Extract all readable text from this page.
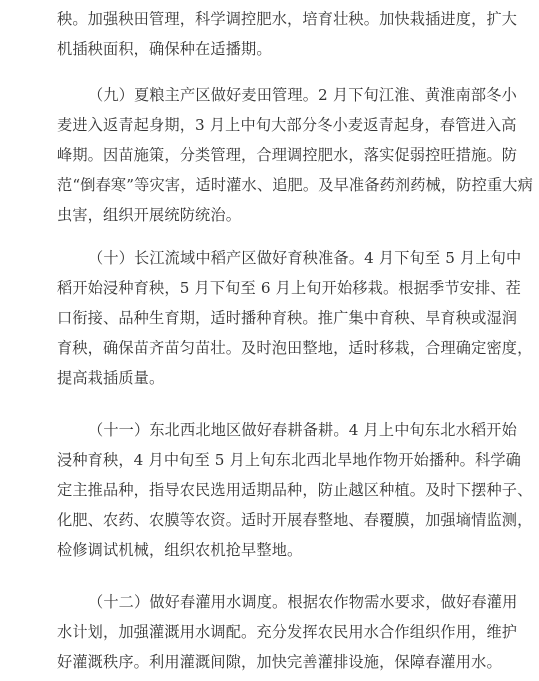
秧。加强秧田管理，科学调控肥水，培育壮秧。加快栽插进度，扩大
机插秧面积，确保种在适播期。
（九）夏粮主产区做好麦田管理。2 月下旬江淮、黄淮南部冬小
麦进入返青起身期，3 月上中旬大部分冬小麦返青起身，春管进入高
峰期。因苗施策，分类管理，合理调控肥水，落实促弱控旺措施。防
范“倒春寒”等灾害，适时灌水、追肥。及早准备药剂药械，防控重大病
虫害，组织开展统防统治。
（十）长江流域中稻产区做好育秧准备。4 月下旬至 5 月上旬中
稻开始浸种育秧，5 月下旬至 6 月上旬开始移栽。根据季节安排、茬
口衔接、品种生育期，适时播种育秧。推广集中育秧、旱育秧或湿润
育秧，确保苗齐苗匀苗壮。及时泡田整地，适时移栽，合理确定密度，
提高栽插质量。
（十一）东北西北地区做好春耕备耕。4 月上中旬东北水稻开始
浸种育秧，4 月中旬至 5 月上旬东北西北旱地作物开始播种。科学确
定主推品种，指导农民选用适期品种，防止越区种植。及时下摆种子、
化肥、农药、农膜等农资。适时开展春整地、春覆膜，加强墒情监测，
检修调试机械，组织农机抢早整地。
（十二）做好春灌用水调度。根据农作物需水要求，做好春灌用
水计划，加强灌溉用水调配。充分发挥农民用水合作组织作用，维护
好灌溉秩序。利用灌溉间隙，加快完善灌排设施，保障春灌用水。
